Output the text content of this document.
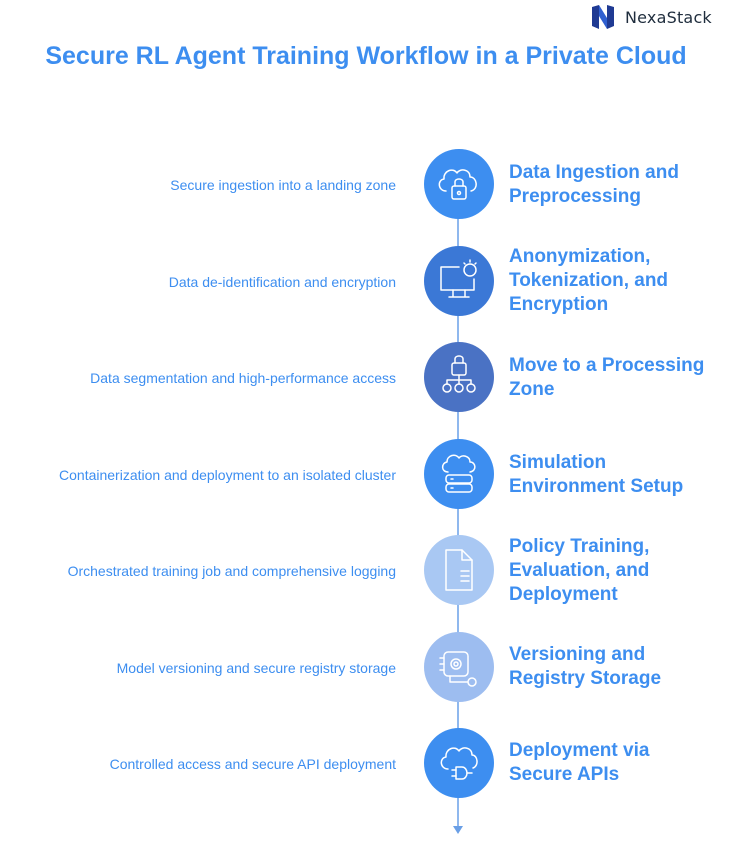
NexaStack
Secure RL Agent Training Workflow in a Private Cloud
Secure ingestion into a landing zone
Data Ingestion and
Preprocessing
Data de-identification and encryption
Anonymization,
Tokenization, and
Encryption
Data segmentation and high-performance access
Move to a Processing
Zone
Containerization and deployment to an isolated cluster
Simulation
Environment Setup
Orchestrated training job and comprehensive logging
Policy Training,
Evaluation, and
Deployment
Model versioning and secure registry storage
Versioning and
Registry Storage
Controlled access and secure API deployment
Deployment via
Secure APIs
